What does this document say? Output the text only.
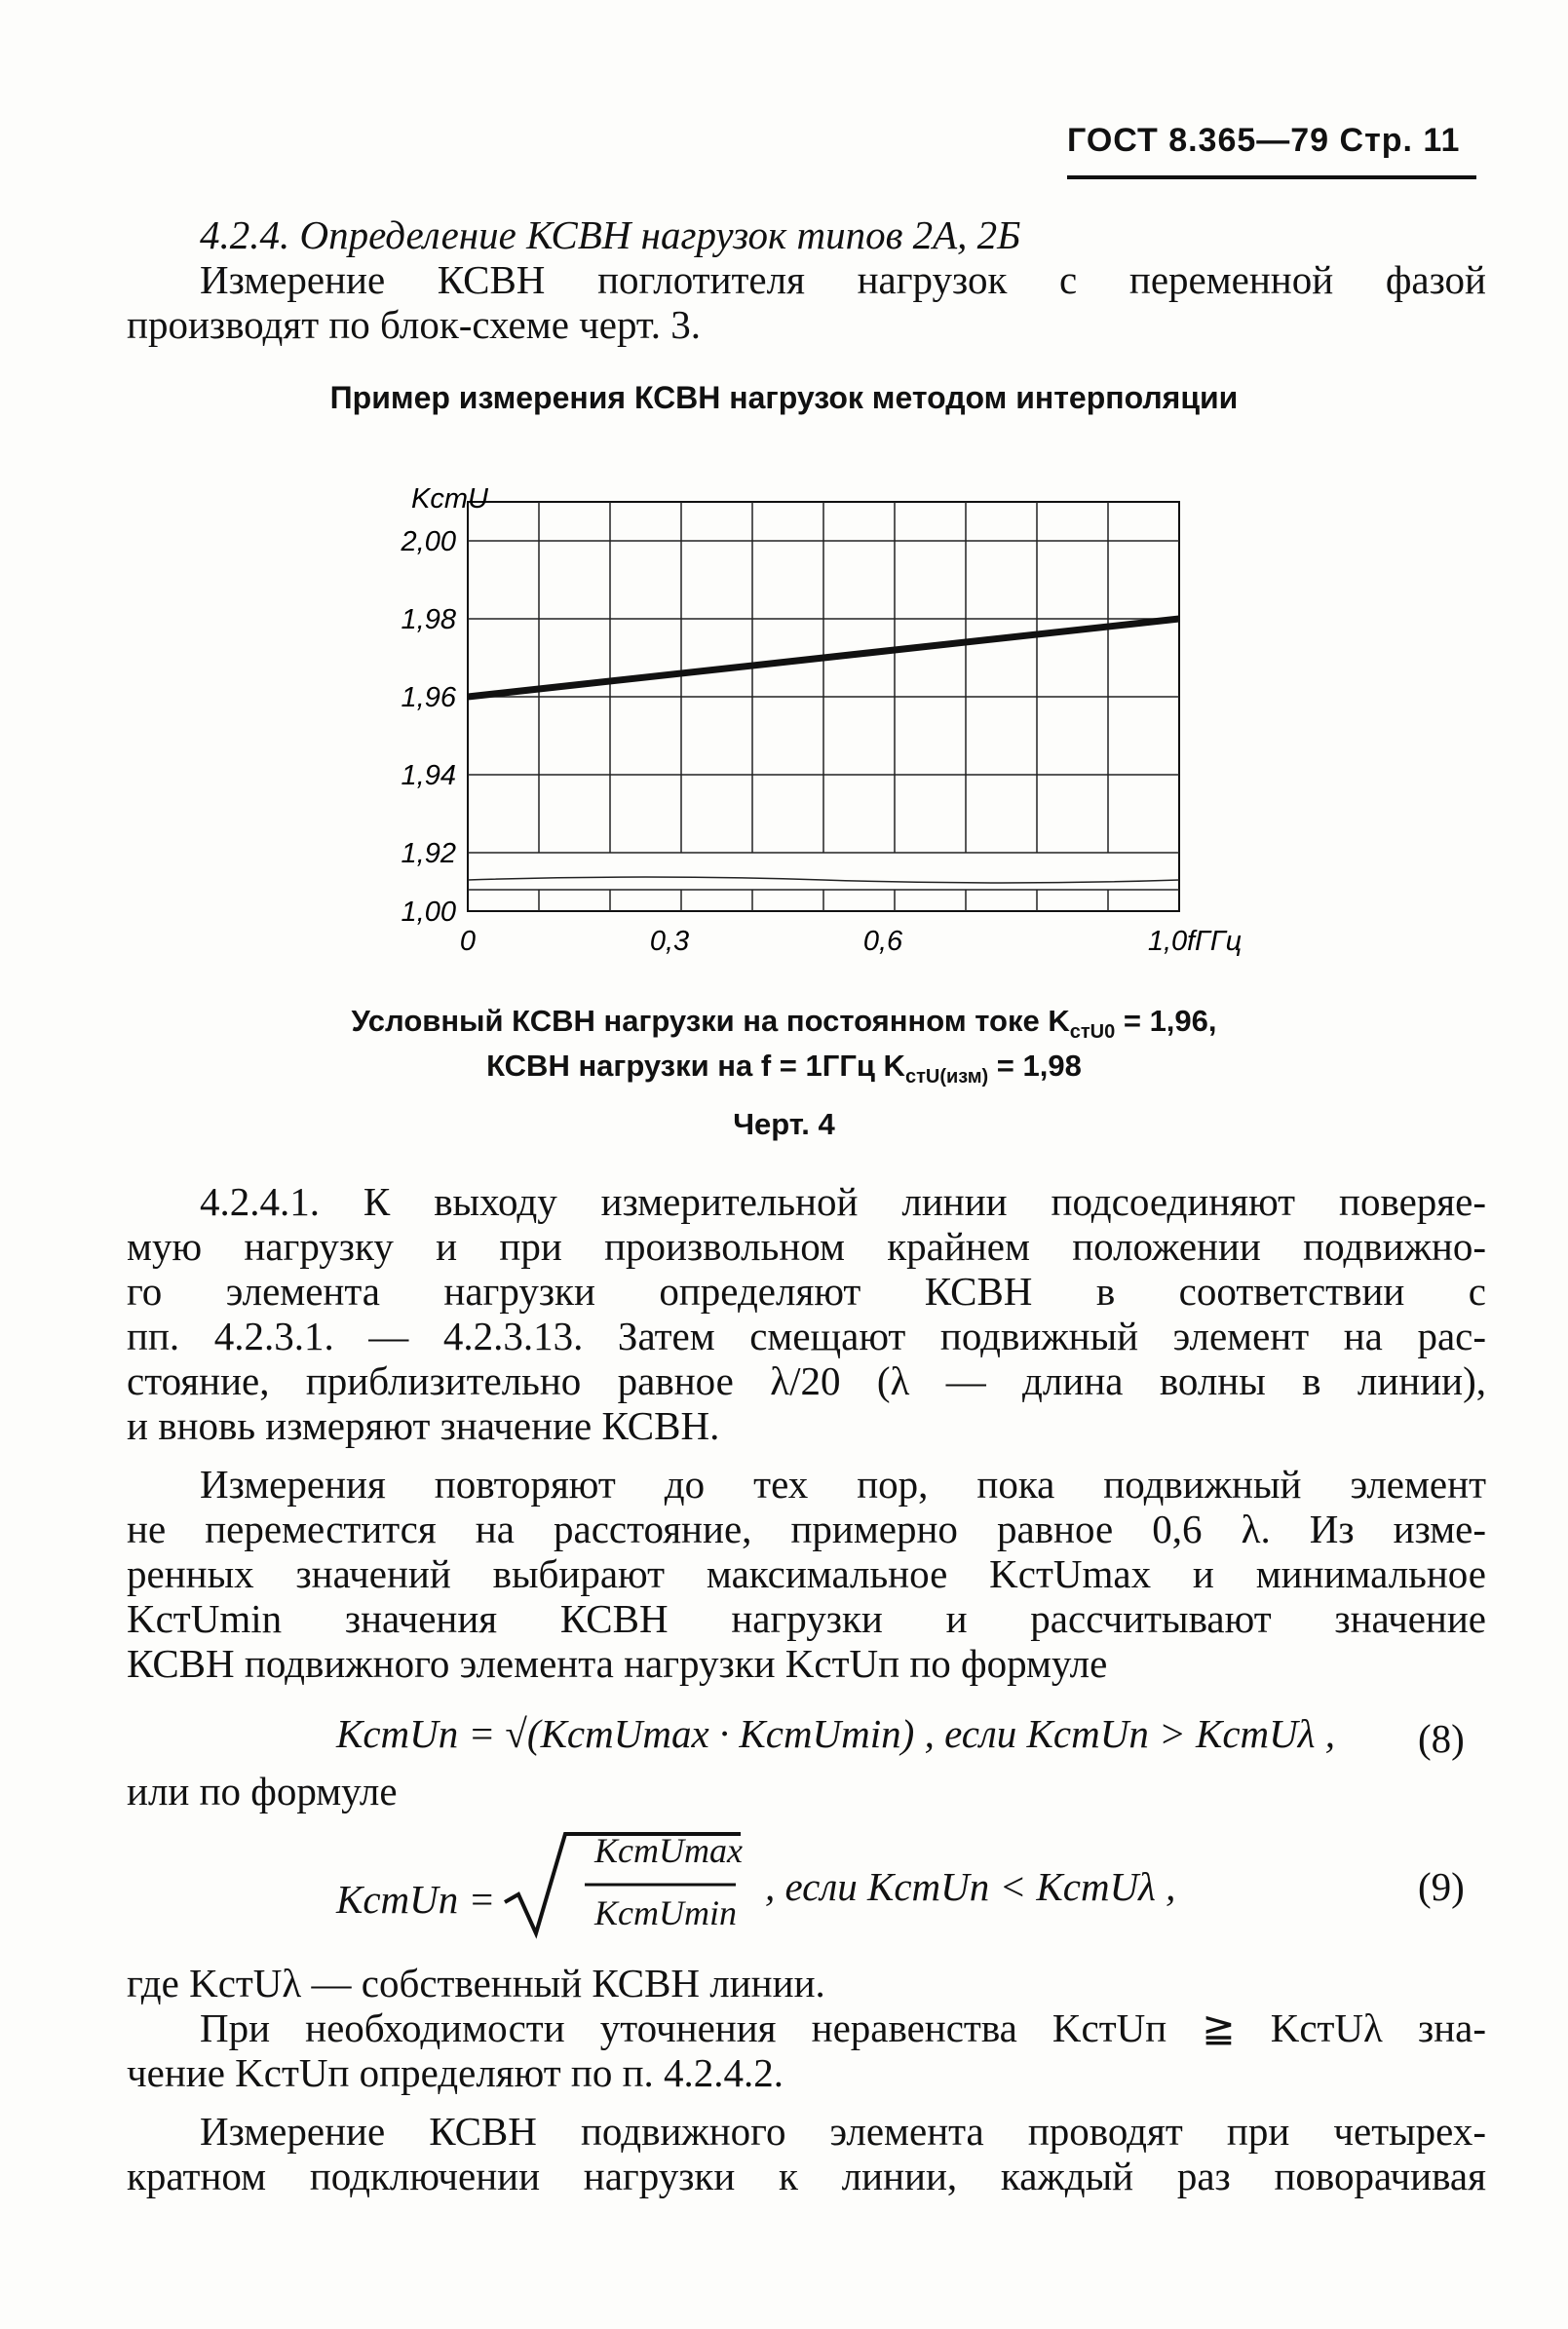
ГОСТ 8.365—79 Стр. 11
4.2.4. Определение КСВН нагрузок типов 2А, 2Б
Измерение КСВН поглотителя нагрузок с переменной фазой
производят по блок-схеме черт. 3.
Пример измерения КСВН нагрузок методом интерполяции
2,00
1,98
1,96
1,94
1,92
1,00
KстU
0	0,3	0,6	1,0 fГГц
Условный КСВН нагрузки на постоянном токе $K_{стU0} = 1,96$,
КСВН нагрузки на f = 1ГГц $K_{стU(изм)} = 1,98$
Черт. 4
4.2.4.1. К выходу измерительной линии подсоединяют поверяе-
мую нагрузку и при произвольном крайнем положении подвижно-
го элемента нагрузки определяют КСВН в соответствии с
пп. 4.2.3.1. — 4.2.3.13. Затем смещают подвижный элемент на рас-
стояние, приблизительно равное λ/20 (λ — длина волны в линии),
и вновь измеряют значение КСВН.
Измерения повторяют до тех пор, пока подвижный элемент
не переместится на расстояние, примерно равное 0,6 λ. Из изме-
ренных значений выбирают максимальное KстUmax и минимальное
KстUmin значения КСВН нагрузки и рассчитывают значение
КСВН подвижного элемента нагрузки KстUп по формуле
KстUп = √(KстUmax · KстUmin) , если KстUп > KстUλ , (8)
или по формуле
KстUп =
KстUmax
KстUmin
, если KстUп < KстUλ ,	(9)
где KстUλ — собственный КСВН линии.
При необходимости уточнения неравенства KстUп ≧ KстUλ зна-
чение KстUп определяют по п. 4.2.4.2.
Измерение КСВН подвижного элемента проводят при четырех-
кратном подключении нагрузки к линии, каждый раз поворачивая
